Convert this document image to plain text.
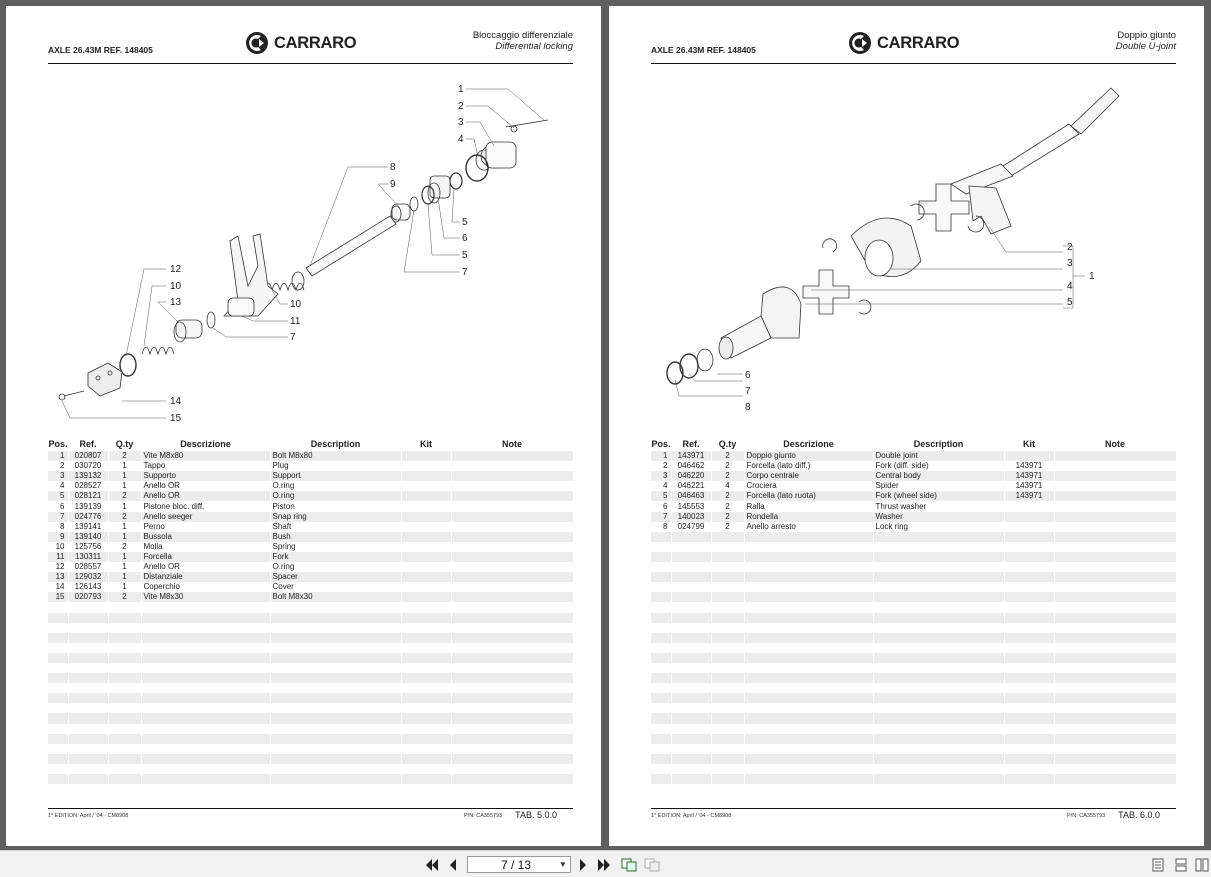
AXLE 26.43M REF. 148405	CARRARO	Bloccaggio differenziale
Differential locking
1
2
3
4
5
6
5
7
8
9
10
11
7
12
10
13
14
15
Pos.	Ref.	Q.ty	Descrizione	Description	Kit	Note
1	020807	2	Vite M8x80	Bolt M8x80		
2	030720	1	Tappo	Plug		
3	139132	1	Supporto	Support		
4	028527	1	Anello OR	O.ring		
5	028121	2	Anello OR	O.ring		
6	139139	1	Pistone bloc. diff.	Piston		
7	024776	2	Anello seeger	Snap ring		
8	139141	1	Perno	Shaft		
9	139140	1	Bussola	Bush		
10	125756	2	Molla	Spring		
11	130311	1	Forcella	Fork		
12	028557	1	Anello OR	O.ring		
13	129032	1	Distanziale	Spacer		
14	126143	1	Coperchio	Cover		
15	020793	2	Vite M8x30	Bolt M8x30		

1° EDITION: April / '04 - CM8908	P/N: CA355793 TAB. 5.0.0
AXLE 26.43M REF. 148405	CARRARO	Doppio giunto
Double U-joint
2
3
1
4
5
6
7
8
Pos.	Ref.	Q.ty	Descrizione	Description	Kit	Note
1	143971	2	Doppio giunto	Double joint		
2	046462	2	Forcella (lato diff.)	Fork (diff. side)	143971	
3	046220	2	Corpo centrale	Central body	143971	
4	046221	4	Crociera	Spider	143971	
5	046463	2	Forcella (lato ruota)	Fork (wheel side)	143971	
6	145553	2	Ralla	Thrust washer		
7	140023	2	Rondella	Washer		
8	024799	2	Anello arresto	Lock ring		

1° EDITION: April / '04 - CM8908	P/N: CA355793 TAB. 6.0.0
7 / 13	▼
